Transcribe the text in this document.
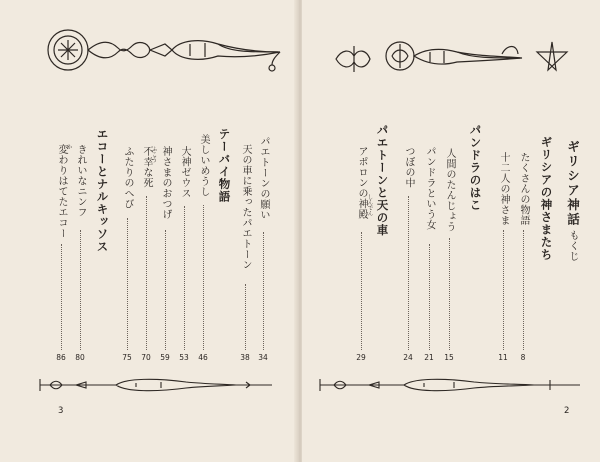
パエトーンの願い
34
天の車に乗ったパエトーン
38
テーバイ物語
美しいめうし
46
大神ゼウス
53
神さまのおつげ
59
ふこう
不幸な死
70
ふたりのへび
75
エコーとナルキッソス
きれいなニンフ
80
か
変わりはてたエコー
86
3
ギリシア神話
もくじ
ギリシアの神さまたち
たくさんの物語
8
十二人の神さま
11
パンドラのはこ
人間のたんじょう
15
パンドラという女
21
つぼの中
24
パエトーンと天の車
しんでん
アポロンの神殿
29
2
